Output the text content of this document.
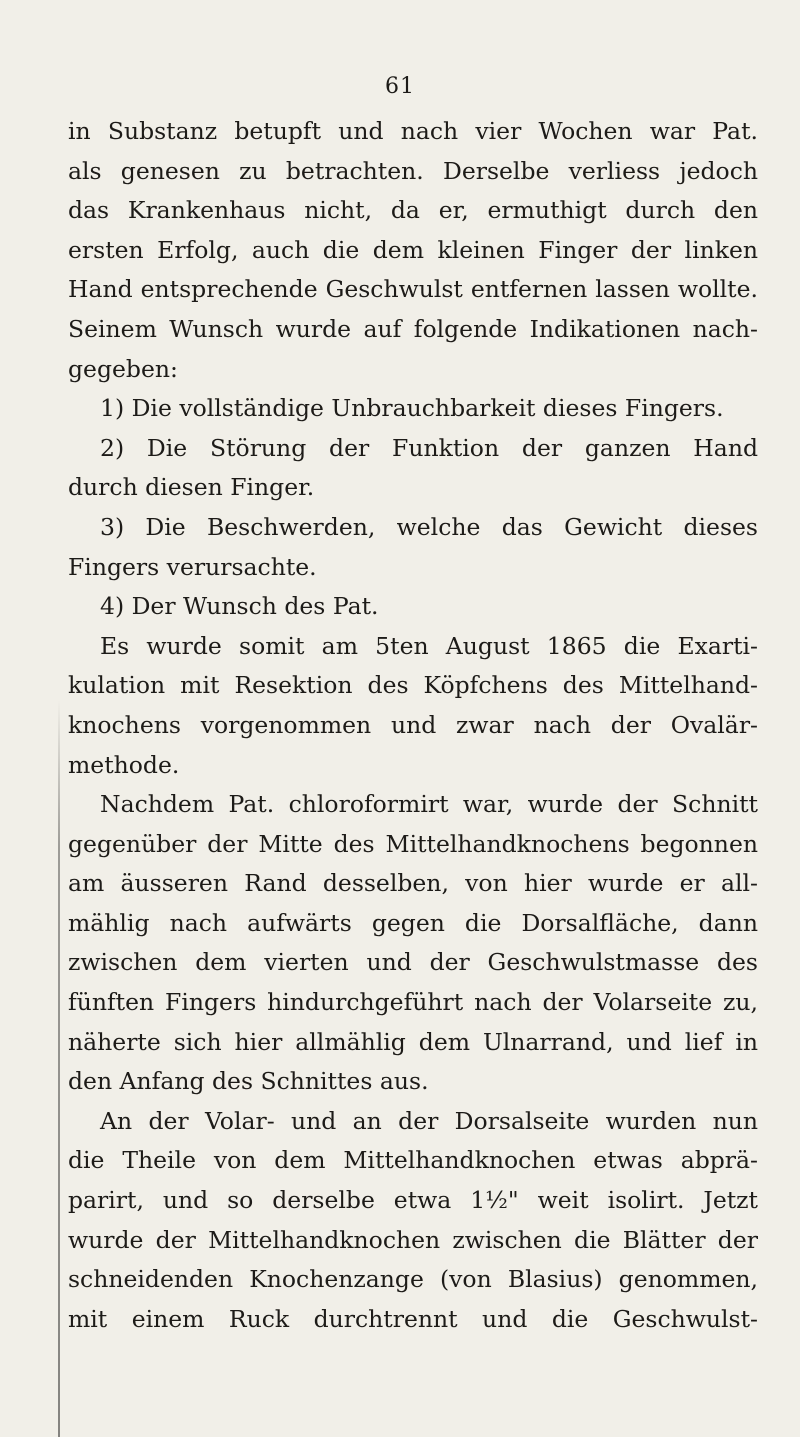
61
in Substanz betupft und nach vier Wochen war Pat.
als genesen zu betrachten. Derselbe verliess jedoch
das Krankenhaus nicht, da er, ermuthigt durch den
ersten Erfolg, auch die dem kleinen Finger der linken
Hand entsprechende Geschwulst entfernen lassen wollte.
Seinem Wunsch wurde auf folgende Indikationen nach-
gegeben:
1) Die vollständige Unbrauchbarkeit dieses Fingers.
2) Die Störung der Funktion der ganzen Hand
durch diesen Finger.
3) Die Beschwerden, welche das Gewicht dieses
Fingers verursachte.
4) Der Wunsch des Pat.
Es wurde somit am 5ten August 1865 die Exarti-
kulation mit Resektion des Köpfchens des Mittelhand-
knochens vorgenommen und zwar nach der Ovalär-
methode.
Nachdem Pat. chloroformirt war, wurde der Schnitt
gegenüber der Mitte des Mittelhandknochens begonnen
am äusseren Rand desselben, von hier wurde er all-
mählig nach aufwärts gegen die Dorsalfläche, dann
zwischen dem vierten und der Geschwulstmasse des
fünften Fingers hindurchgeführt nach der Volarseite zu,
näherte sich hier allmählig dem Ulnarrand, und lief in
den Anfang des Schnittes aus.
An der Volar- und an der Dorsalseite wurden nun
die Theile von dem Mittelhandknochen etwas abprä-
parirt, und so derselbe etwa 1½" weit isolirt. Jetzt
wurde der Mittelhandknochen zwischen die Blätter der
schneidenden Knochenzange (von Blasius) genommen,
mit einem Ruck durchtrennt und die Geschwulst-
